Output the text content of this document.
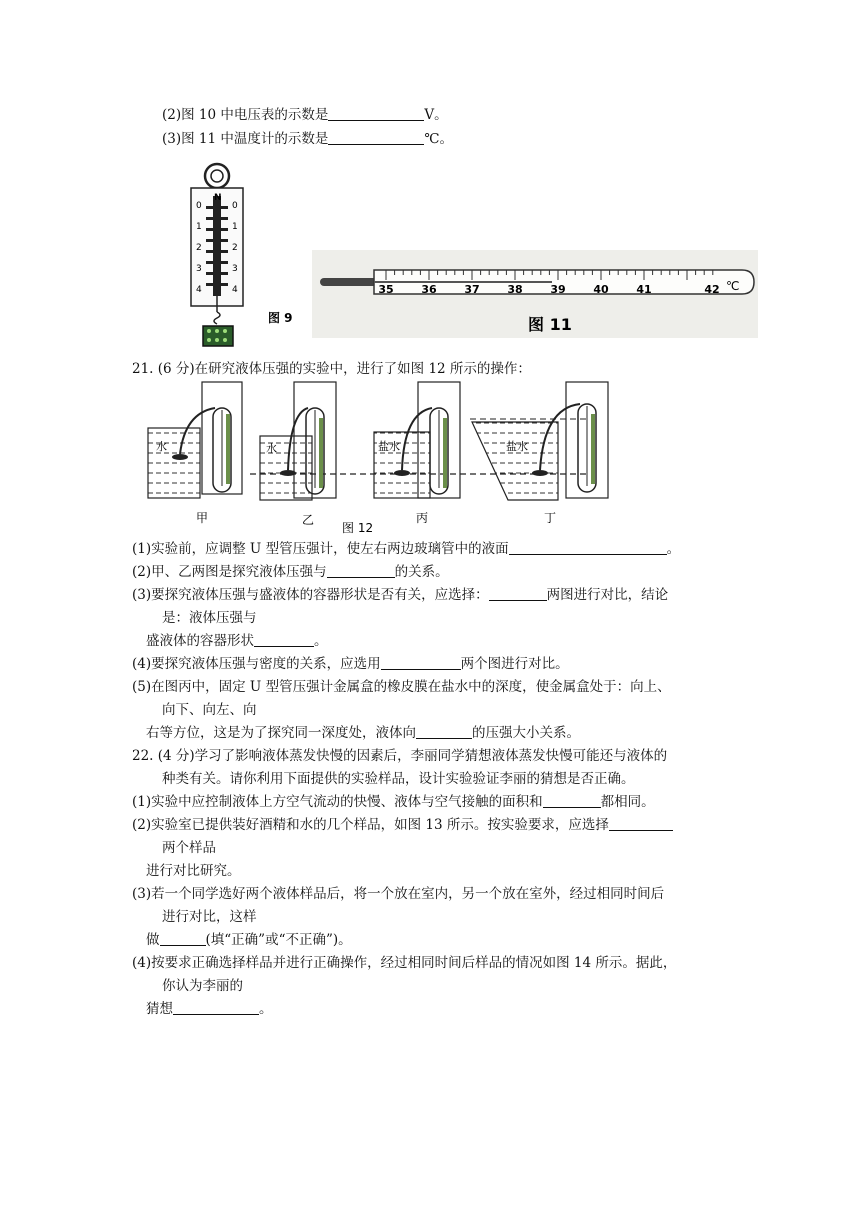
(2)图 10 中电压表的示数是	V。
(3)图 11 中温度计的示数是	℃。
N
0
1
2
3
4
0
1
2
3
4
图 9
35	36	37	38	39	40	41	42 ℃
图 11
21. (6 分)在研究液体压强的实验中，进行了如图 12 所示的操作：
水	水	盐水	盐水
甲	乙	丙	丁
图 12
(1)实验前，应调整 U 型管压强计，使左右两边玻璃管中的液面	。
(2)甲、乙两图是探究液体压强与	的关系。
(3)要探究液体压强与盛液体的容器形状是否有关，应选择：	两图进行对比，结论
是：液体压强与
盛液体的容器形状	。
(4)要探究液体压强与密度的关系，应选用	两个图进行对比。
(5)在图丙中，固定 U 型管压强计金属盒的橡皮膜在盐水中的深度，使金属盒处于：向上、
向下、向左、向
右等方位，这是为了探究同一深度处，液体向	的压强大小关系。
22. (4 分)学习了影响液体蒸发快慢的因素后，李丽同学猜想液体蒸发快慢可能还与液体的
种类有关。请你利用下面提供的实验样品，设计实验验证李丽的猜想是否正确。
(1)实验中应控制液体上方空气流动的快慢、液体与空气接触的面积和	都相同。
(2)实验室已提供装好酒精和水的几个样品，如图 13 所示。按实验要求，应选择
两个样品
进行对比研究。
(3)若一个同学选好两个液体样品后，将一个放在室内，另一个放在室外，经过相同时间后
进行对比，这样
做	(填“正确”或“不正确”)。
(4)按要求正确选择样品并进行正确操作，经过相同时间后样品的情况如图 14 所示。据此，
你认为李丽的
猜想	。
